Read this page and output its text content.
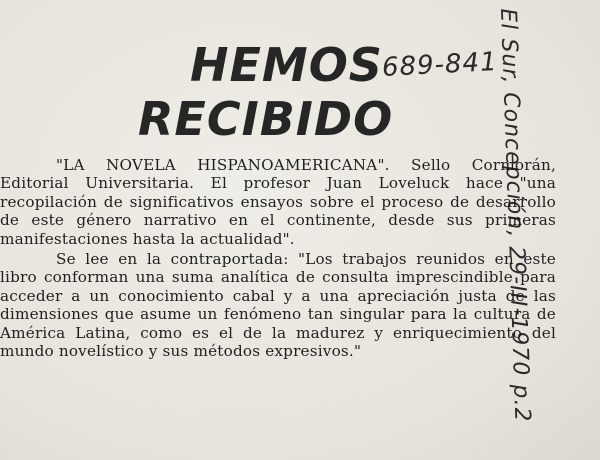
HEMOS
RECIBIDO
689-841
El Sur, Concepción, 29-III-1970 p.2

"LA NOVELA HISPANOAMERICANA". Sello Cormorán, Editorial Universitaria. El profesor Juan Loveluck hace "una recopilación de significativos ensayos sobre el proceso de desarrollo de este género narrativo en el continente, desde sus primeras manifestaciones hasta la actualidad".

Se lee en la contraportada: "Los trabajos reunidos en este libro conforman una suma analítica de consulta imprescindible para acceder a un conocimiento cabal y a una apreciación justa de las dimensiones que asume un fenómeno tan singular para la cultura de América Latina, como es el de la madurez y enriquecimiento del mundo novelístico y sus métodos expresivos."
